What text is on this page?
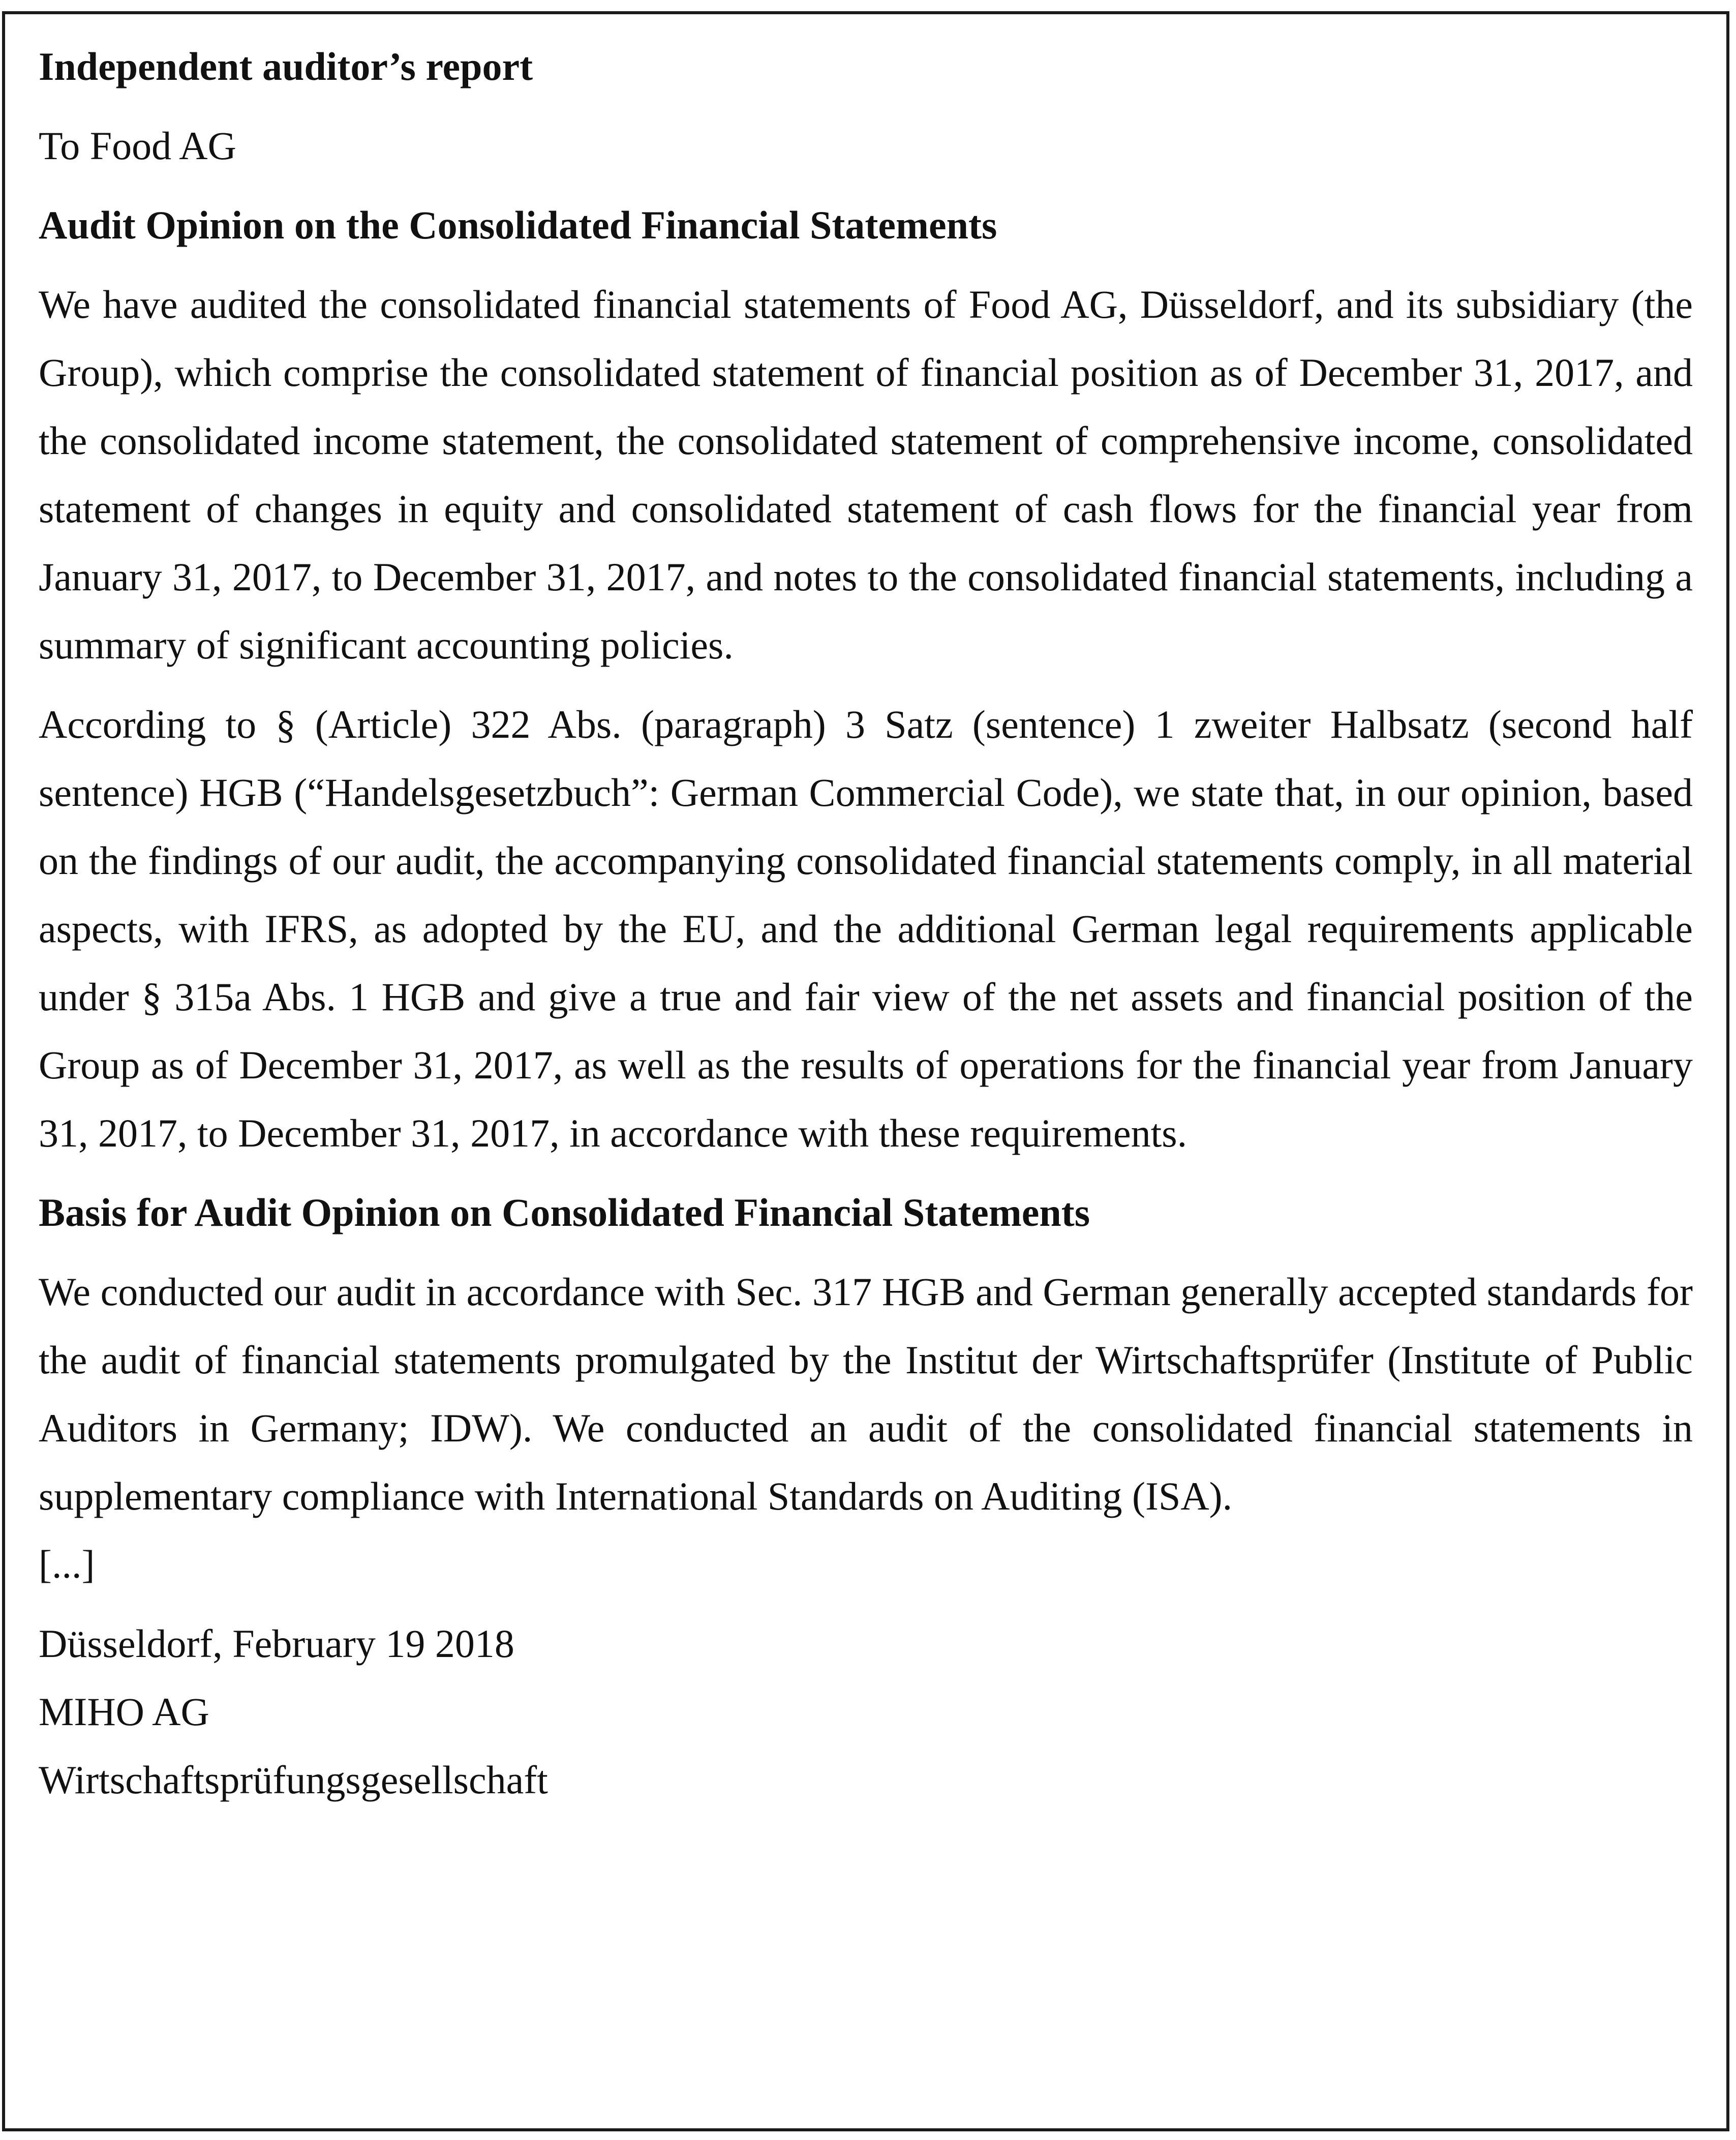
Independent auditor’s report
To Food AG
Audit Opinion on the Consolidated Financial Statements
We have audited the consolidated financial statements of Food AG, Düsseldorf, and its subsidiary (the Group), which comprise the consolidated statement of financial position as of December 31, 2017, and the consolidated income statement, the consolidated statement of comprehensive income, consolidated statement of changes in equity and consolidated statement of cash flows for the financial year from January 31, 2017, to December 31, 2017, and notes to the consolidated financial statements, including a summary of significant accounting policies.
According to § (Article) 322 Abs. (paragraph) 3 Satz (sentence) 1 zweiter Halbsatz (second half sentence) HGB (“Handelsgesetzbuch”: German Commercial Code), we state that, in our opinion, based on the findings of our audit, the accompanying consolidated financial statements comply, in all material aspects, with IFRS, as adopted by the EU, and the additional German legal requirements applicable under § 315a Abs. 1 HGB and give a true and fair view of the net assets and financial position of the Group as of December 31, 2017, as well as the results of operations for the financial year from January 31, 2017, to December 31, 2017, in accordance with these requirements.
Basis for Audit Opinion on Consolidated Financial Statements
We conducted our audit in accordance with Sec. 317 HGB and German generally accepted standards for the audit of financial statements promulgated by the Institut der Wirtschaftsprüfer (Institute of Public Auditors in Germany; IDW). We conducted an audit of the consolidated financial statements in supplementary compliance with International Standards on Auditing (ISA).
[...]
Düsseldorf, February 19 2018
MIHO AG
Wirtschaftsprüfungsgesellschaft
